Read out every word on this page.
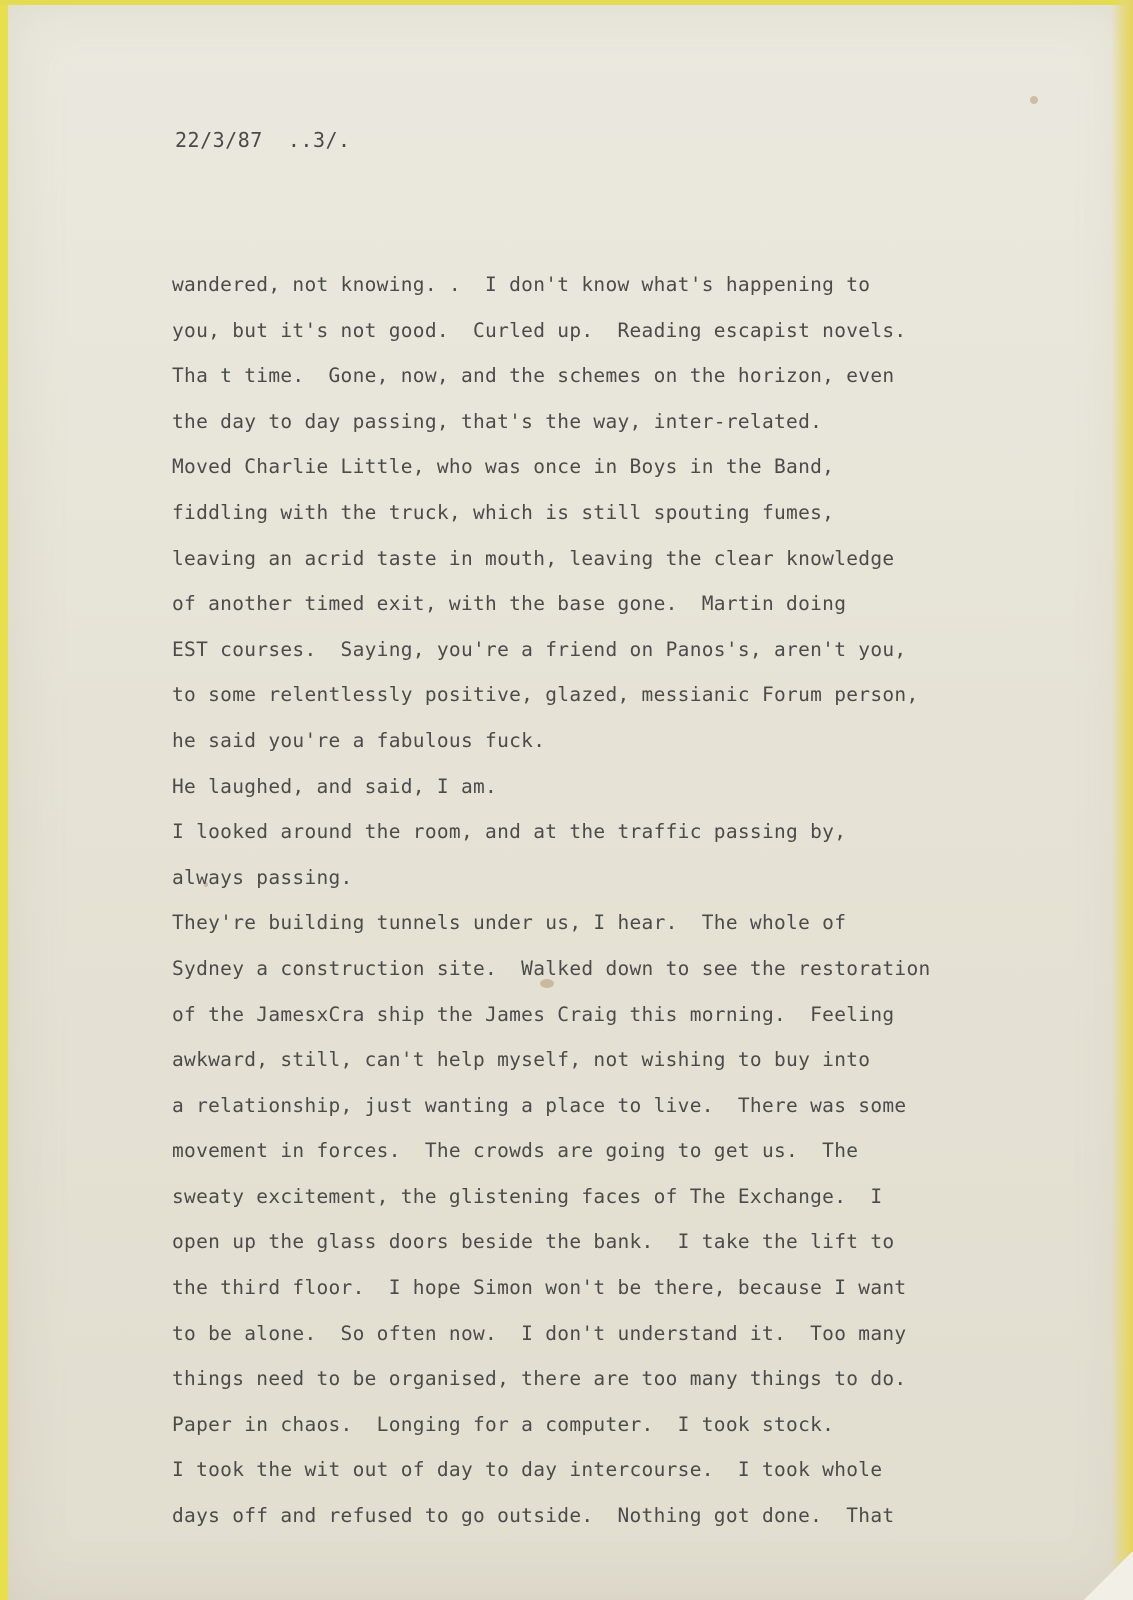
22/3/87  ..3/.
wandered, not knowing. .  I don't know what's happening to
you, but it's not good.  Curled up.  Reading escapist novels.
Tha t time.  Gone, now, and the schemes on the horizon, even
the day to day passing, that's the way, inter-related.
Moved Charlie Little, who was once in Boys in the Band,
fiddling with the truck, which is still spouting fumes,
leaving an acrid taste in mouth, leaving the clear knowledge
of another timed exit, with the base gone.  Martin doing
EST courses.  Saying, you're a friend on Panos's, aren't you,
to some relentlessly positive, glazed, messianic Forum person,
he said you're a fabulous fuck.
He laughed, and said, I am.
I looked around the room, and at the traffic passing by,
always passing.
They're building tunnels under us, I hear.  The whole of
Sydney a construction site.  Walked down to see the restoration
of the JamesxCra ship the James Craig this morning.  Feeling
awkward, still, can't help myself, not wishing to buy into
a relationship, just wanting a place to live.  There was some
movement in forces.  The crowds are going to get us.  The
sweaty excitement, the glistening faces of The Exchange.  I
open up the glass doors beside the bank.  I take the lift to
the third floor.  I hope Simon won't be there, because I want
to be alone.  So often now.  I don't understand it.  Too many
things need to be organised, there are too many things to do.
Paper in chaos.  Longing for a computer.  I took stock.
I took the wit out of day to day intercourse.  I took whole
days off and refused to go outside.  Nothing got done.  That
